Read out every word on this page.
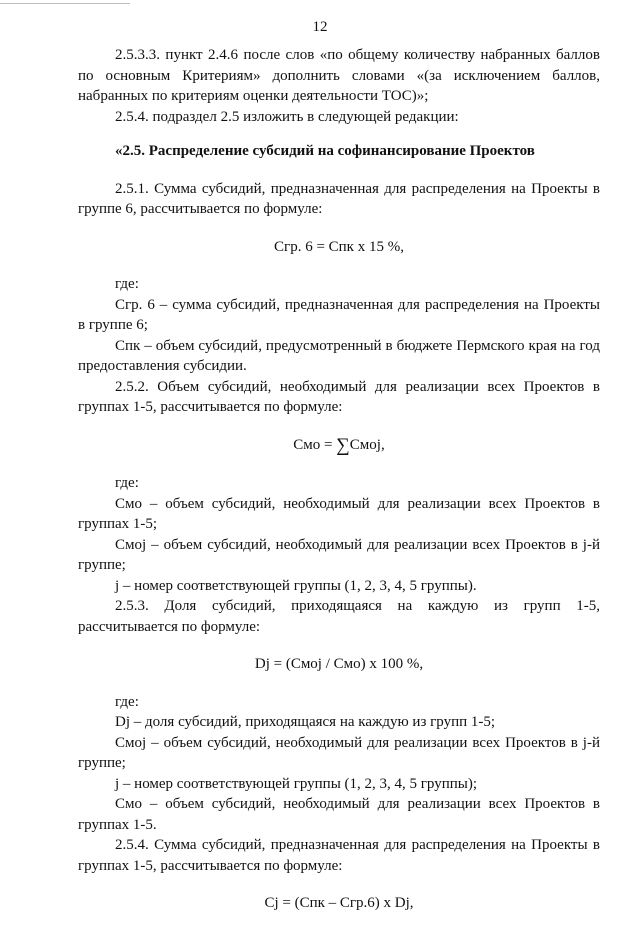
12

2.5.3.3. пункт 2.4.6 после слов «по общему количеству набранных баллов по основным Критериям» дополнить словами «(за исключением баллов, набранных по критериям оценки деятельности ТОС)»;

2.5.4. подраздел 2.5 изложить в следующей редакции:

«2.5. Распределение субсидий на софинансирование Проектов

2.5.1. Сумма субсидий, предназначенная для распределения на Проекты в группе 6, рассчитывается по формуле:

Сгр. 6 = Спк х 15 %,

где:

Сгр. 6 – сумма субсидий, предназначенная для распределения на Проекты в группе 6;

Спк – объем субсидий, предусмотренный в бюджете Пермского края на год предоставления субсидии.

2.5.2. Объем субсидий, необходимый для реализации всех Проектов в группах 1-5, рассчитывается по формуле:

Смо = ∑Смоj,

где:

Смо – объем субсидий, необходимый для реализации всех Проектов в группах 1-5;

Смоj – объем субсидий, необходимый для реализации всех Проектов в j-й группе;

j – номер соответствующей группы (1, 2, 3, 4, 5 группы).

2.5.3. Доля субсидий, приходящаяся на каждую из групп 1-5, рассчитывается по формуле:

Dj = (Смоj / Смо) х 100 %,

где:

Dj – доля субсидий, приходящаяся на каждую из групп 1-5;

Смоj – объем субсидий, необходимый для реализации всех Проектов в j-й группе;

j – номер соответствующей группы (1, 2, 3, 4, 5 группы);

Смо – объем субсидий, необходимый для реализации всех Проектов в группах 1-5.

2.5.4. Сумма субсидий, предназначенная для распределения на Проекты в группах 1-5, рассчитывается по формуле:

Cj = (Спк – Сгр.6) х Dj,
